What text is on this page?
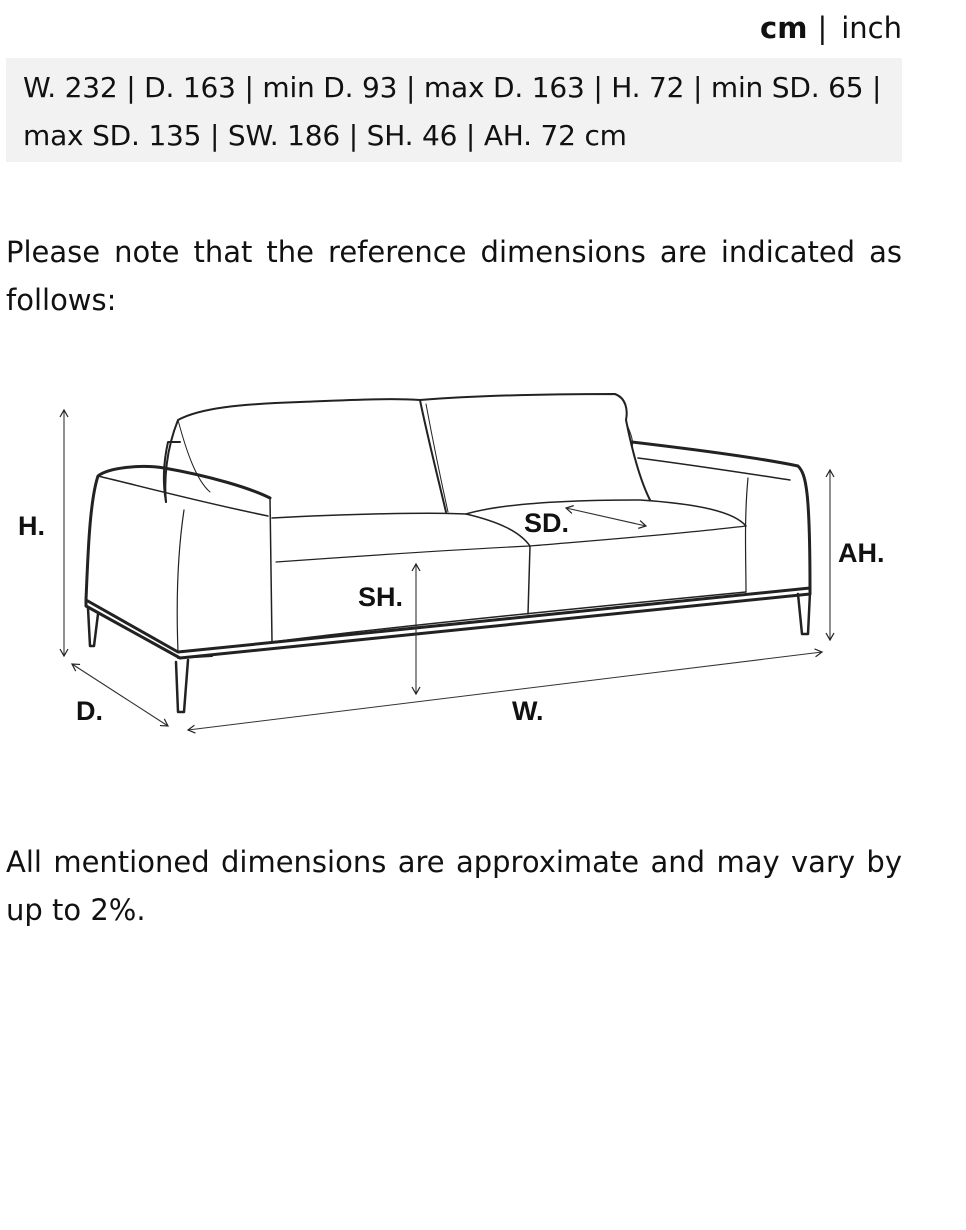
cm | inch
W. 232 | D. 163 | min D. 93 | max D. 163 | H. 72 | min SD. 65 |
max SD. 135 | SW. 186 | SH. 46 | AH. 72 cm

Please note that the reference dimensions are indicated as follows:

H.
D.	W.
SH.
SD.
AH.

All mentioned dimensions are approximate and may vary by up to 2%.
